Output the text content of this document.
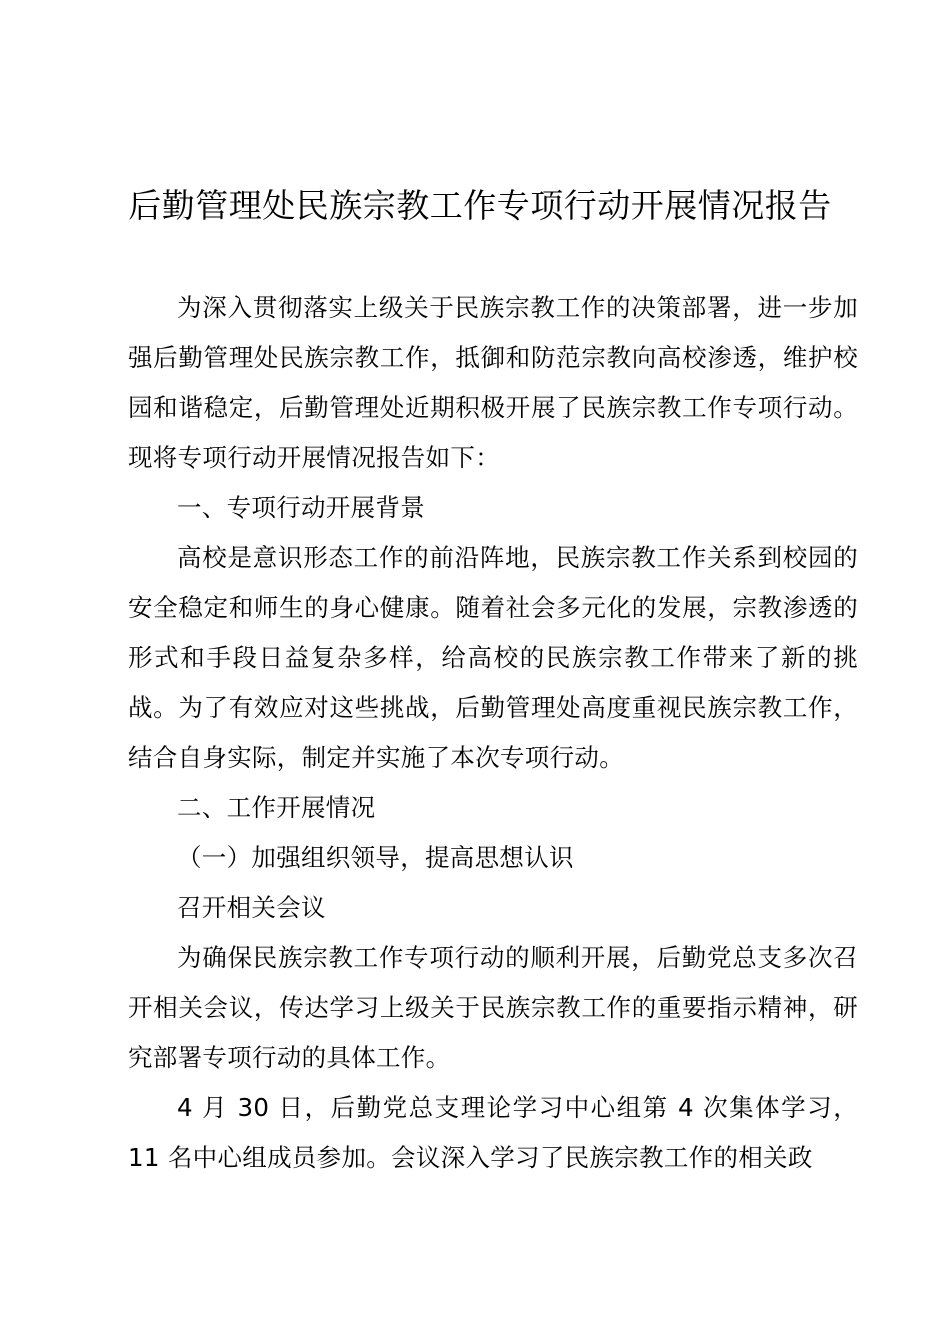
后勤管理处民族宗教工作专项行动开展情况报告

为深入贯彻落实上级关于民族宗教工作的决策部署，进一步加强后勤管理处民族宗教工作，抵御和防范宗教向高校渗透，维护校园和谐稳定，后勤管理处近期积极开展了民族宗教工作专项行动。现将专项行动开展情况报告如下：

一、专项行动开展背景

高校是意识形态工作的前沿阵地，民族宗教工作关系到校园的安全稳定和师生的身心健康。随着社会多元化的发展，宗教渗透的形式和手段日益复杂多样，给高校的民族宗教工作带来了新的挑战。为了有效应对这些挑战，后勤管理处高度重视民族宗教工作，结合自身实际，制定并实施了本次专项行动。

二、工作开展情况

（一）加强组织领导，提高思想认识

召开相关会议

为确保民族宗教工作专项行动的顺利开展，后勤党总支多次召开相关会议，传达学习上级关于民族宗教工作的重要指示精神，研究部署专项行动的具体工作。

4 月 30 日，后勤党总支理论学习中心组第 4 次集体学习，11 名中心组成员参加。会议深入学习了民族宗教工作的相关政
